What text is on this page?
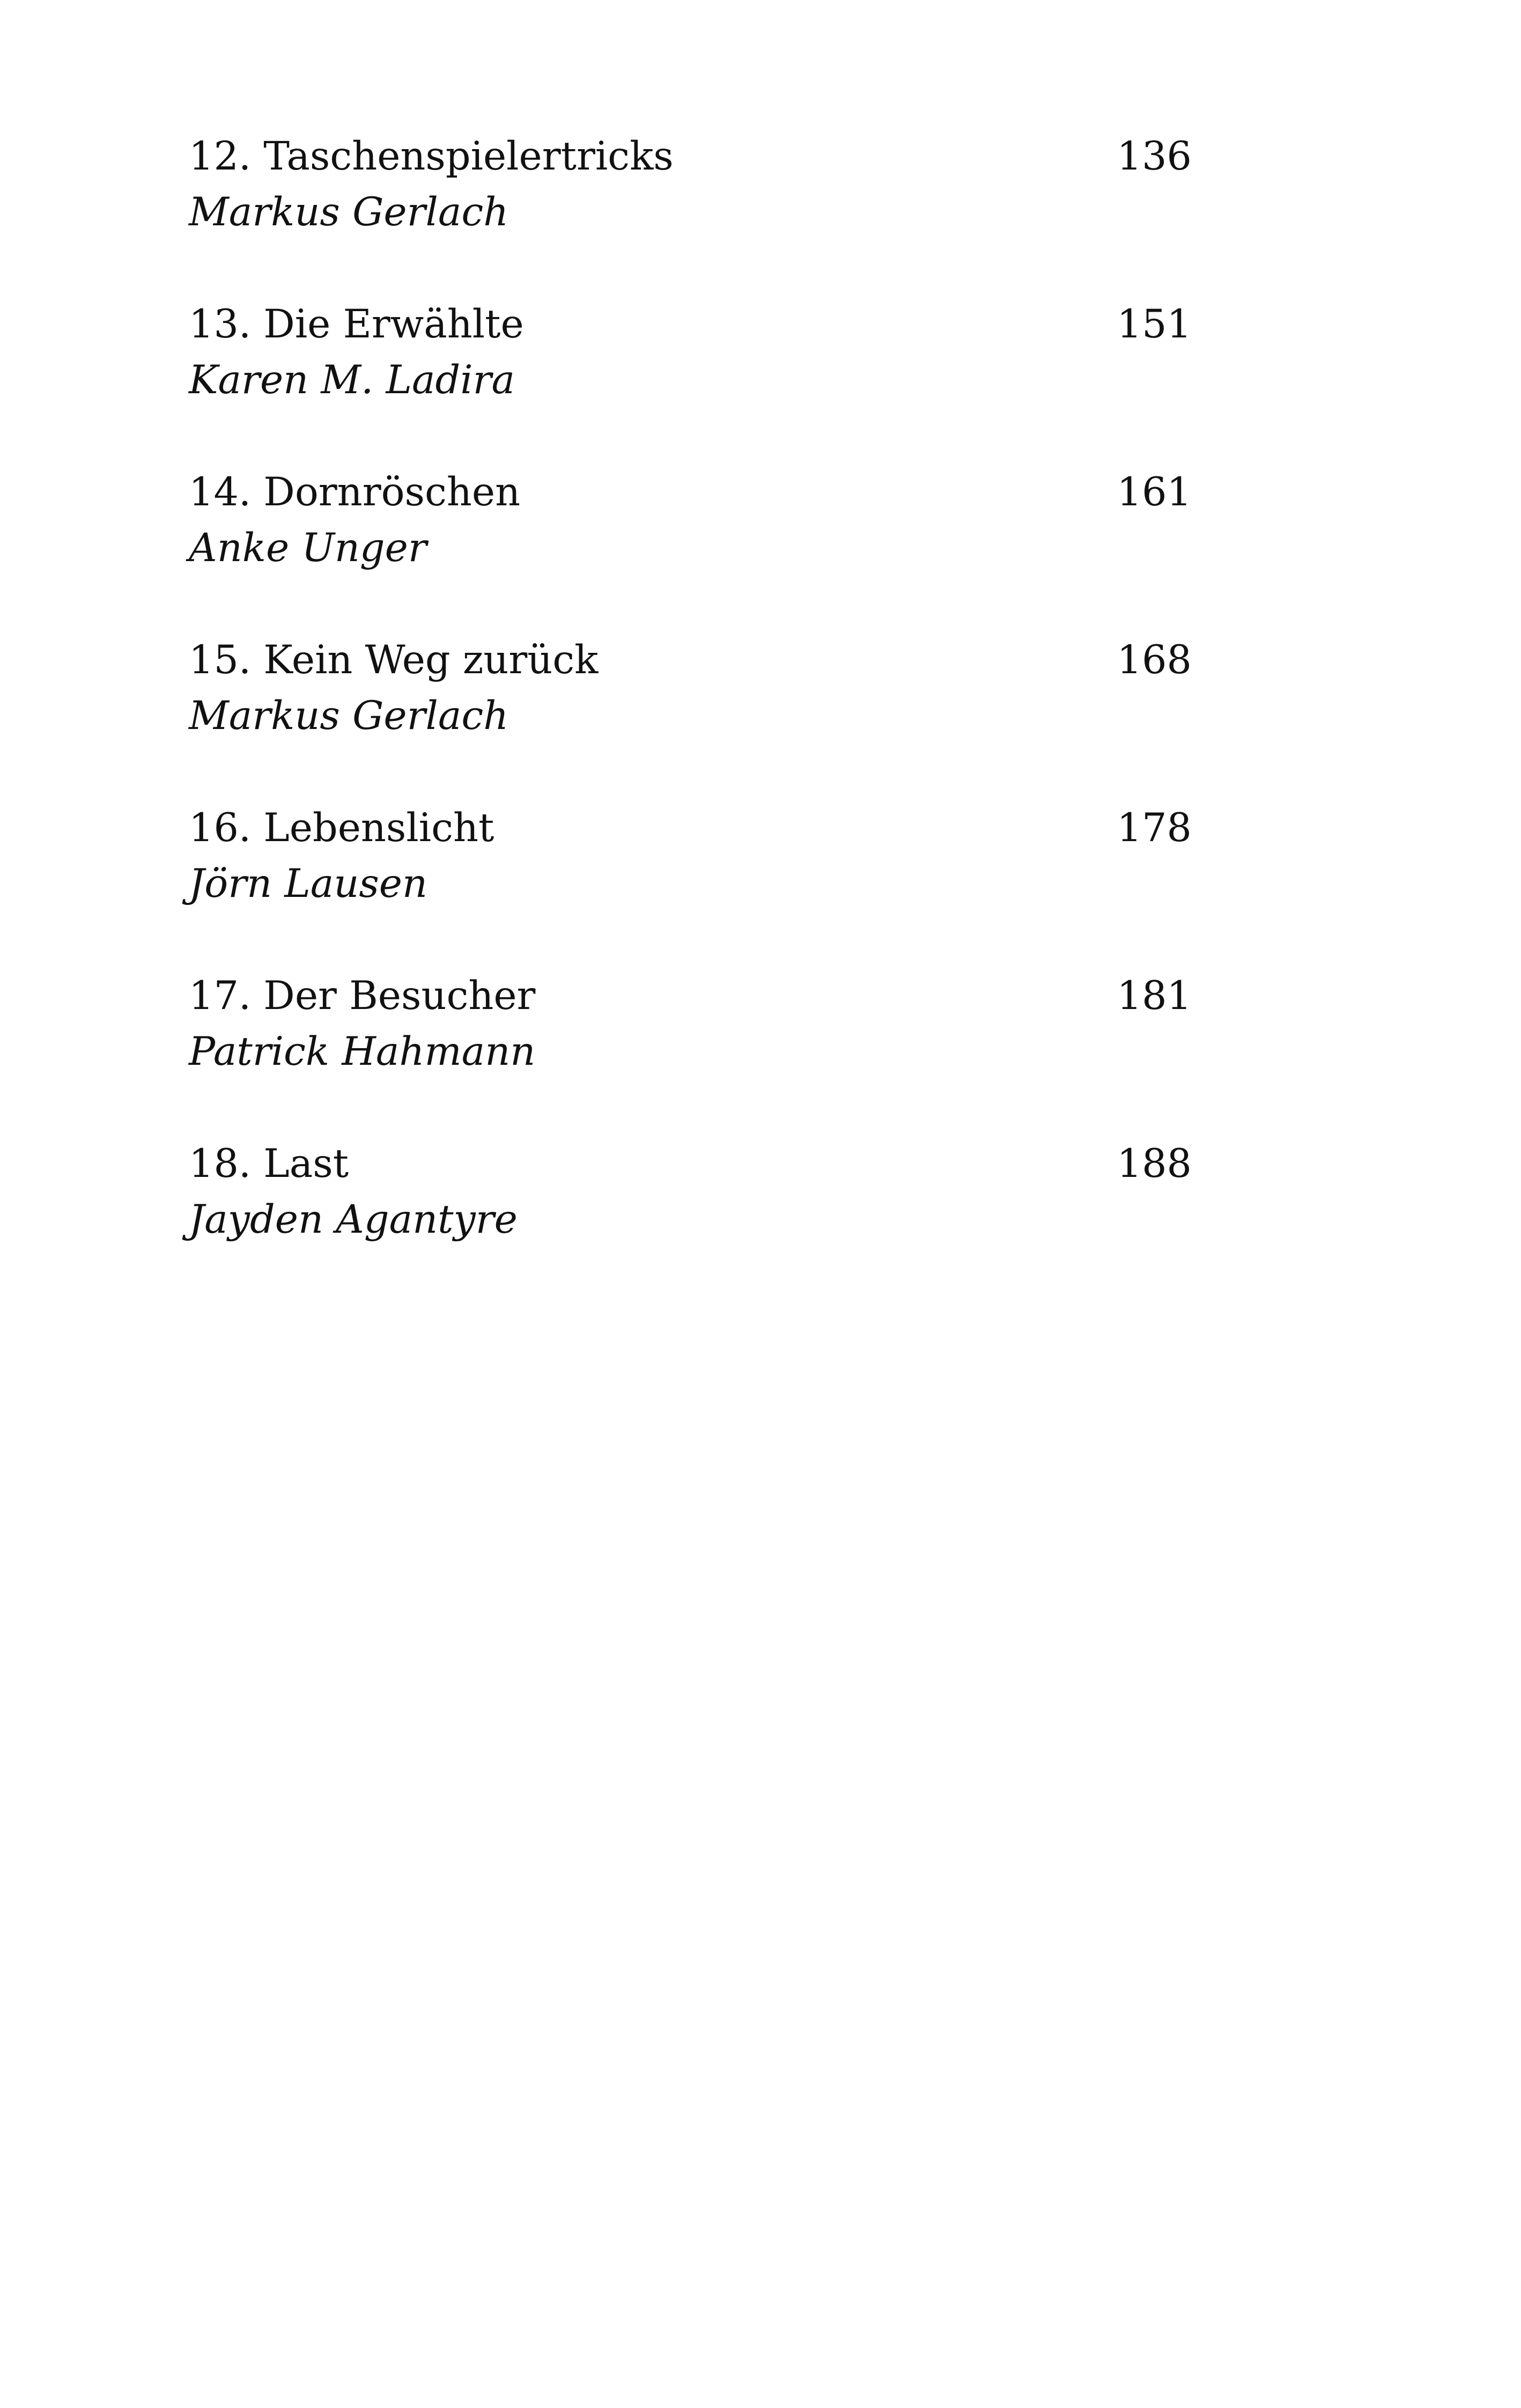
12. Taschenspielertricks	136
Markus Gerlach
13. Die Erwählte	151
Karen M. Ladira
14. Dornröschen	161
Anke Unger
15. Kein Weg zurück	168
Markus Gerlach
16. Lebenslicht	178
Jörn Lausen
17. Der Besucher	181
Patrick Hahmann
18. Last	188
Jayden Agantyre
